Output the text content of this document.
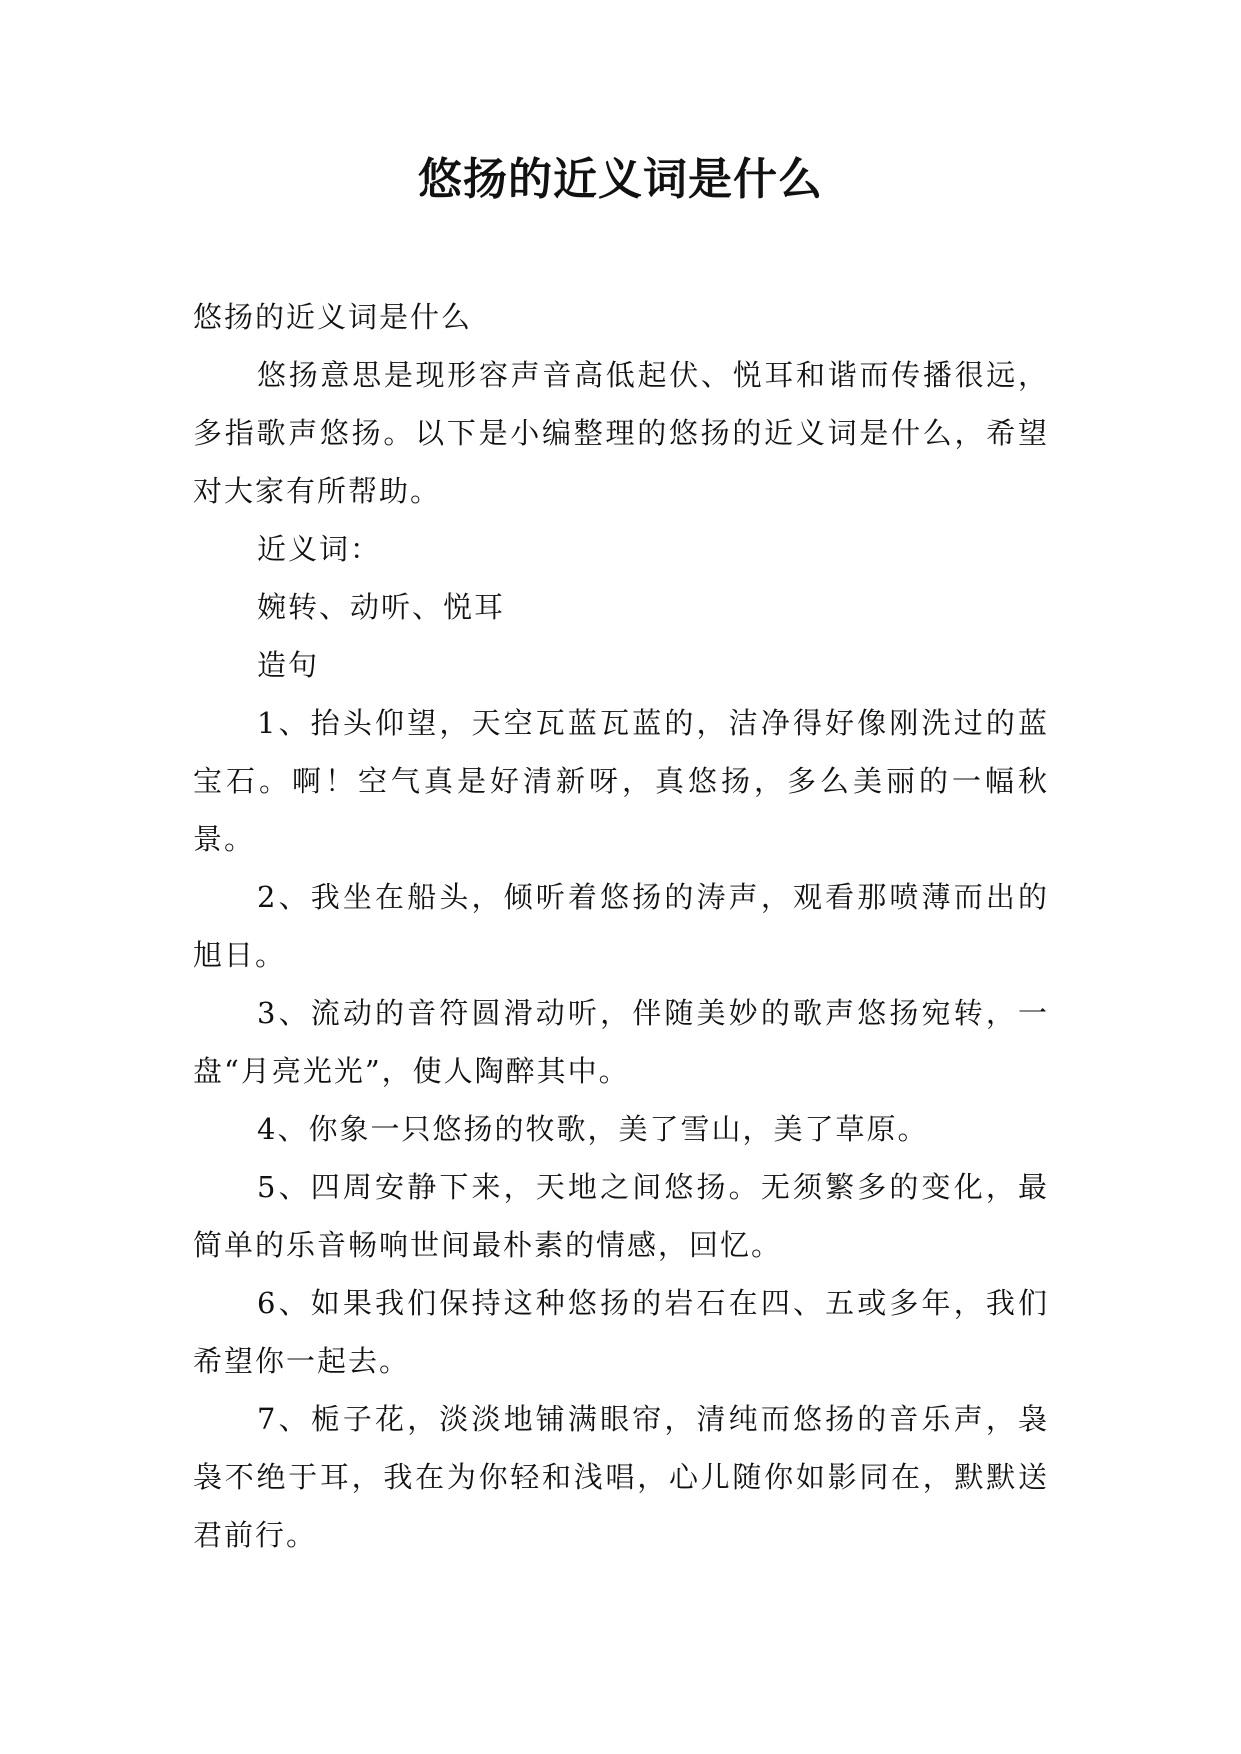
悠扬的近义词是什么

悠扬的近义词是什么

悠扬意思是现形容声音高低起伏、悦耳和谐而传播很远，多指歌声悠扬。以下是小编整理的悠扬的近义词是什么，希望对大家有所帮助。

近义词：

婉转、动听、悦耳

造句

1、抬头仰望，天空瓦蓝瓦蓝的，洁净得好像刚洗过的蓝宝石。啊！空气真是好清新呀，真悠扬，多么美丽的一幅秋景。

2、我坐在船头，倾听着悠扬的涛声，观看那喷薄而出的旭日。

3、流动的音符圆滑动听，伴随美妙的歌声悠扬宛转，一盘“月亮光光”，使人陶醉其中。

4、你象一只悠扬的牧歌，美了雪山，美了草原。

5、四周安静下来，天地之间悠扬。无须繁多的变化，最简单的乐音畅响世间最朴素的情感，回忆。

6、如果我们保持这种悠扬的岩石在四、五或多年，我们希望你一起去。

7、栀子花，淡淡地铺满眼帘，清纯而悠扬的音乐声，袅袅不绝于耳，我在为你轻和浅唱，心儿随你如影同在，默默送君前行。
